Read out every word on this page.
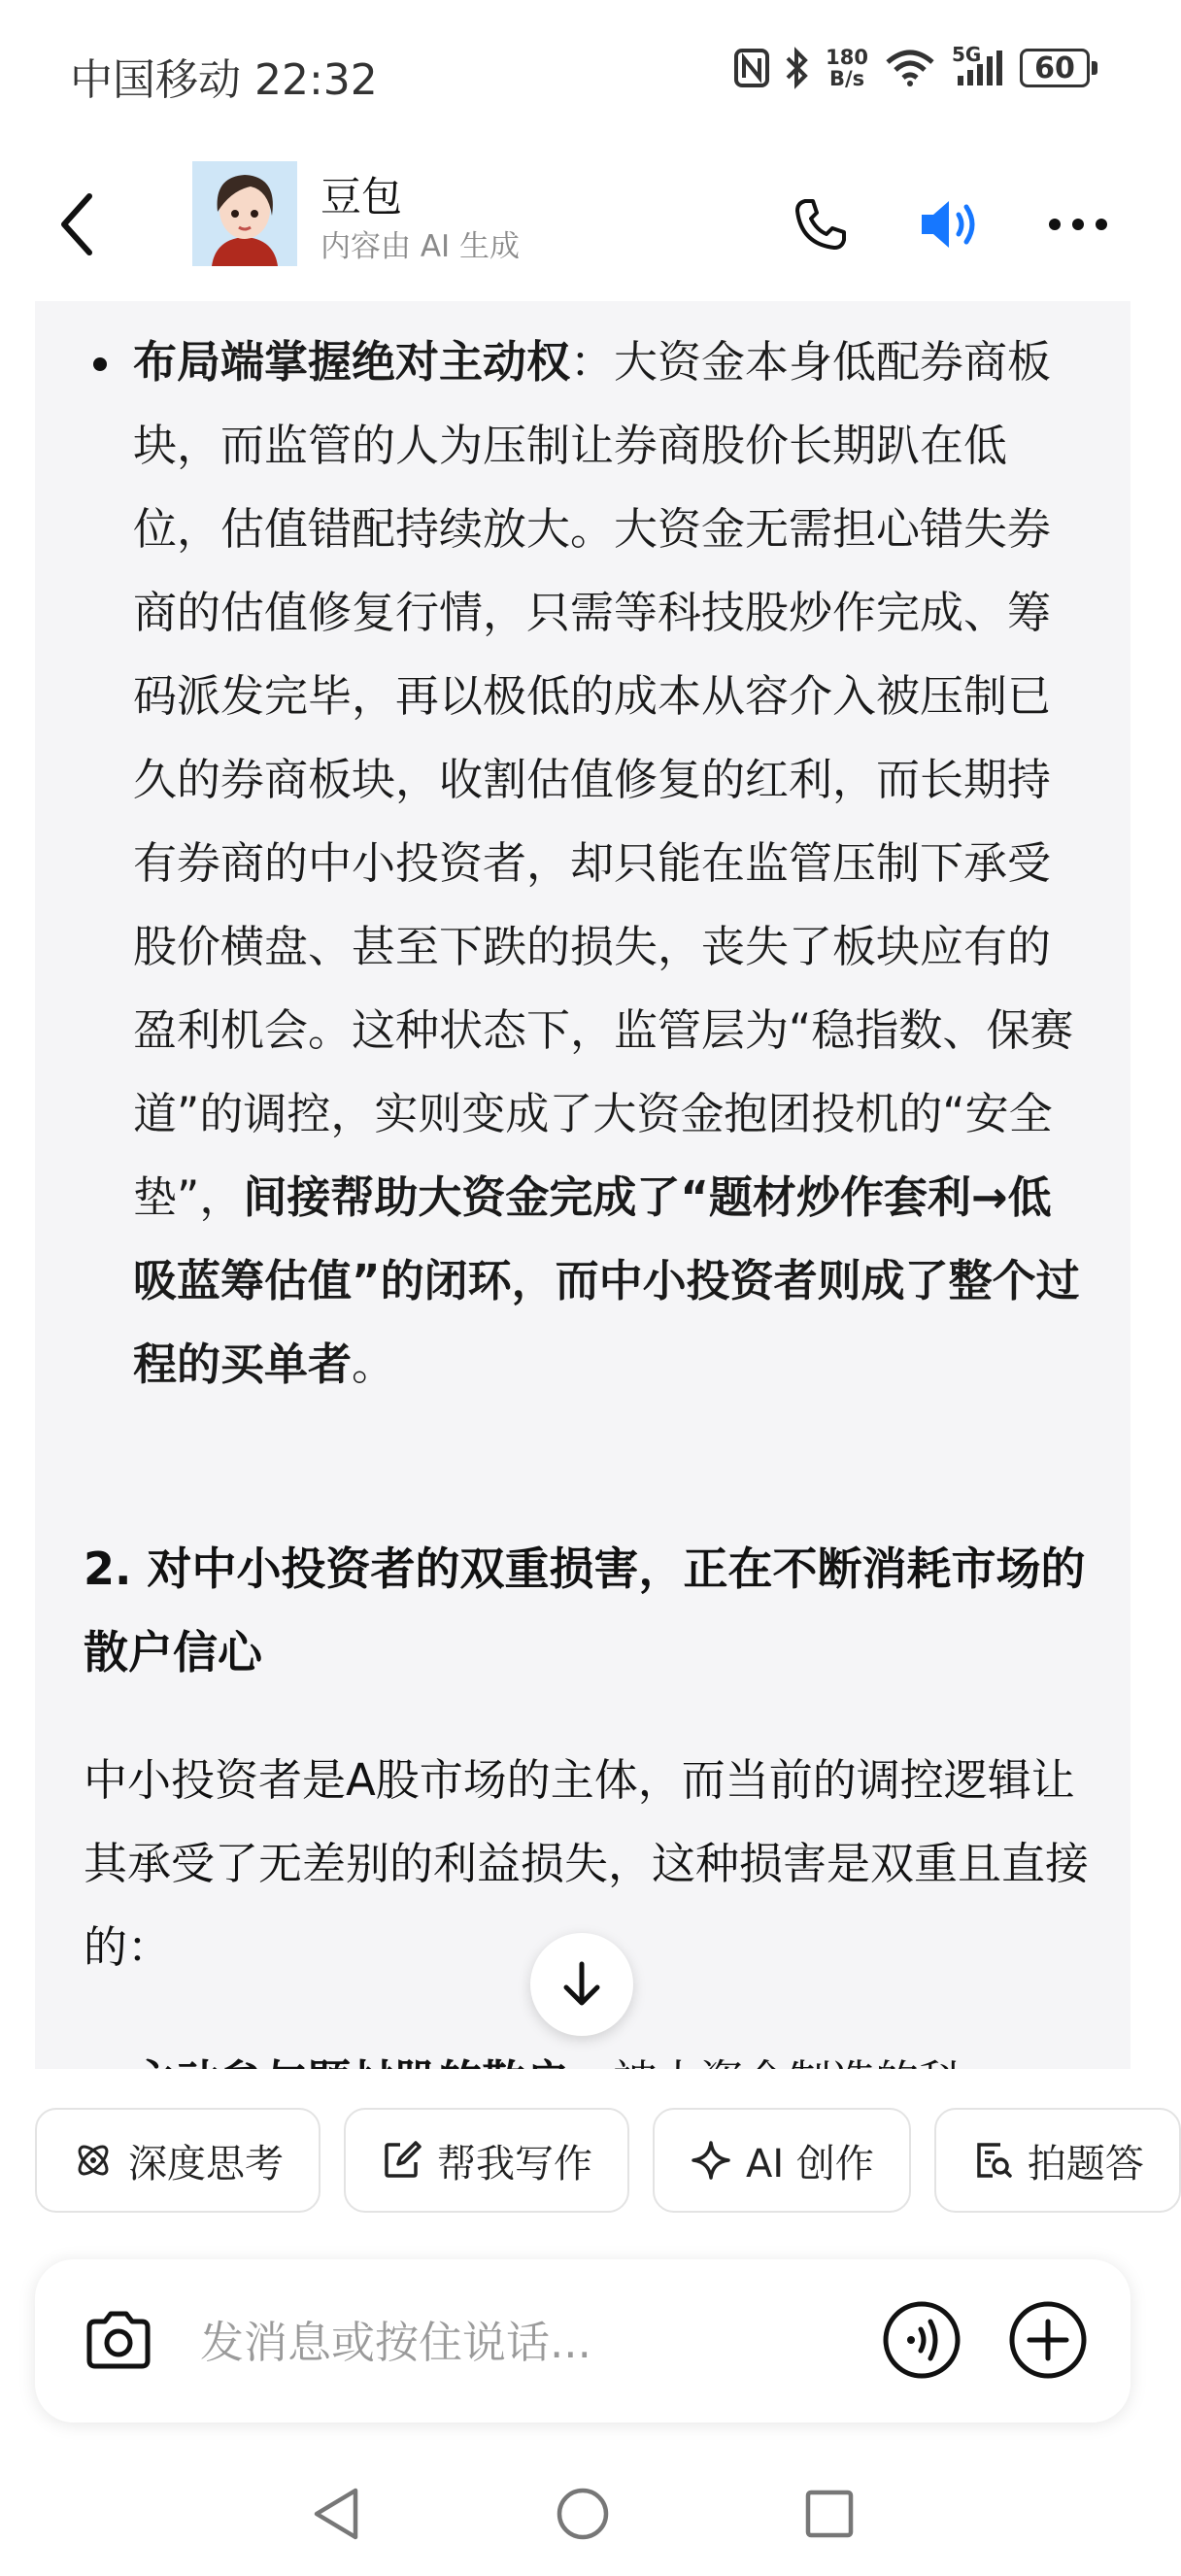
中国移动 22:32	180
B/s
5G	60
豆包
内容由 AI 生成

布局端掌握绝对主动权：大资金本身低配券商板块，而监管的人为压制让券商股价长期趴在低位，估值错配持续放大。大资金无需担心错失券商的估值修复行情，只需等科技股炒作完成、筹码派发完毕，再以极低的成本从容介入被压制已久的券商板块，收割估值修复的红利，而长期持有券商的中小投资者，却只能在监管压制下承受股价横盘、甚至下跌的损失，丧失了板块应有的盈利机会。这种状态下，监管层为“稳指数、保赛道”的调控，实则变成了大资金抱团投机的“安全垫”，间接帮助大资金完成了“题材炒作套利→低吸蓝筹估值”的闭环，而中小投资者则成了整个过程的买单者。

2. 对中小投资者的双重损害，正在不断消耗市场的散户信心

中小投资者是A股市场的主体，而当前的调控逻辑让其承受了无差别的利益损失，这种损害是双重且直接的：

深度思考	帮我写作	AI 创作	拍题答
发消息或按住说话...
